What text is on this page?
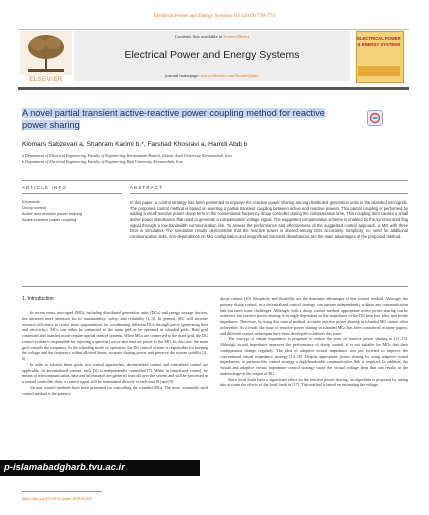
Electrical Power and Energy Systems 113 (2019) 758–771
ELSEVIER
Contents lists available at ScienceDirect
Electrical Power and Energy Systems
journal homepage: www.elsevier.com/locate/ijepes
ELECTRICAL POWER & ENERGY SYSTEMS
A novel partial transient active-reactive power coupling method for reactive power sharing
Kiomars Sabzevari a, Shahram Karimi b,*, Farshad Khosravi a, Hamdi Abdi b
a Department of Electrical Engineering, Faculty of Engineering, Kermanshah Branch, Islamic Azad University, Kermanshah, Iran
b Department of Electrical Engineering, Faculty of Engineering, Razi University, Kermanshah, Iran
ARTICLE INFO	ABSTRACT
Keywords:
Droop control
Active and reactive power sharing
Active-reactive power coupling
In this paper, a control strategy has been presented to improve the reactive power sharing among distributed generation units in the islanded microgrids. The proposed control method is based on exerting a partial transient coupling between active and reactive powers. This partial coupling is performed by adding a small reactive power droop term in the conventional frequency droop controller during the compensation time. This coupling term causes a small active power disturbance that used to generate a compensation voltage signal. The suggested compensation scheme is enabled by the synchronized flag signal through a low-bandwidth communication link. To assess the performance and effectiveness of the suggested control approach, a MG with three DGs is simulated. The simulation results demonstrate that the reactive power is shared among DGs accurately. Simplicity, no need for additional communication links, non-dependence on MG configuration and insignificant transient disturbances are the main advantages of the proposed method.
1. Introduction

In recent years, microgrid (MG), including distributed generation units (DGs) and energy storage devices, has attracted more attention for its sustainability, safety, and reliability [1–3]. In general, MG will increase resource efficiency to create more opportunities for coordinating different DGs through parity (generating heat and electricity). MGs can either be connected to the main grid or be operated as islanded grids. Both grid connected and islanded mode require special control systems. When MGs are connected to the main grid, the DG control system is responsible for injecting a specified active and reactive power to the MG. In this case, the main grid controls the frequency. In the islanding mode of operation, the DG control system is responsible for keeping the voltage and the frequency within allowed limits, accurate sharing power and preserve the system stability [4–6].

In order to achieve these goals, two control approaches, decentralized control and centralized control are applicable. In decentralized control, each DG is independently controlled [7]. While in centralized control, by means of telecommunication, data and information are gathered from all over the system and will be processed in a central controller; then, a control signal will be transmitted directly to each unit [8] and [9].

Various control methods have been presented for controlling the islanded MGs. The most commonly used control method is the primary

droop control [10]. Simplicity and flexibility are the dominant advantages of this control method. Although, the primary droop control, as a decentralized control strategy, can operate independently without any communication link but faces some challenges. Although, with a droop control method, appropriate active power sharing can be achieved, but reactive power sharing is strongly dependent on the impedance of the DG interface filter and feeder impedance. Therefore, by using this control method, accurate reactive power sharing in islanded MG cannot often achievable. As a result, the issue of reactive power sharing in islanded MGs has been considered in many papers, and different control techniques have been developed to address this issue.

The concept of virtual impedance is proposed to reduce the error of reactive power sharing in [11–13]. Although virtual impedance improves the performance of droop control, it is not suitable for MGs that their configuration change regularly. The idea of adaptive virtual impedance was put forward to improve the conventional virtual impedance strategy [14–16]. Despite appropriate power sharing by using adaptive virtual impedances, to perform this control strategy a high-bandwidth communication link is required. In addition, the virtual and adaptive virtual impedance control strategy cause the virtual voltage drop that can results in the undervoltage at the output of DG.

Since local loads have a significant effect on the reactive power sharing, an algorithm is proposed by taking into account the effects of the local loads in [17]. This method is based on estimating the voltage

https://doi.org/10.1016/j.ijepes.2019.06.026
p-islamabadgharb.tvu.ac.ir
